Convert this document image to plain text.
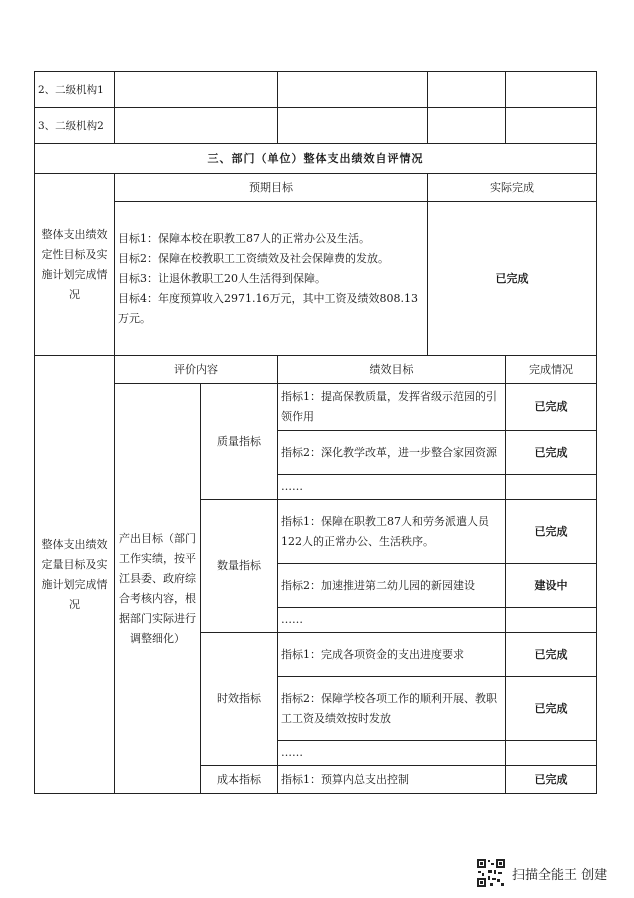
2、二级机构1					
3、二级机构2					
三、部门（单位）整体支出绩效自评情况					
整体支出绩效定性目标及实施计划完成情况	预期目标			实际完成	

	目标1：保障本校在职教工87人的正常办公及生活。
目标2：保障在校教职工工资绩效及社会保障费的发放。
目标3：让退休教职工20人生活得到保障。
目标4：年度预算收入2971.16万元，其中工资及绩效808.13万元。			已完成	
整体支出绩效定量目标及实施计划完成情况	评价内容		绩效目标		完成情况
	产出目标（部门工作实绩，按平江县委、政府综合考核内容，根据部门实际进行调整细化）	质量指标	指标1：提高保教质量，发挥省级示范园的引领作用		已完成
			指标2：深化教学改革，进一步整合家园资源		已完成
			……		
		数量指标	指标1：保障在职教工87人和劳务派遣人员122人的正常办公、生活秩序。		已完成
			指标2：加速推进第二幼儿园的新园建设		建设中
			……		
		时效指标	指标1：完成各项资金的支出进度要求		已完成
			指标2：保障学校各项工作的顺利开展、教职工工资及绩效按时发放		已完成
			……		
		成本指标	指标1：预算内总支出控制		已完成
扫描全能王 创建
